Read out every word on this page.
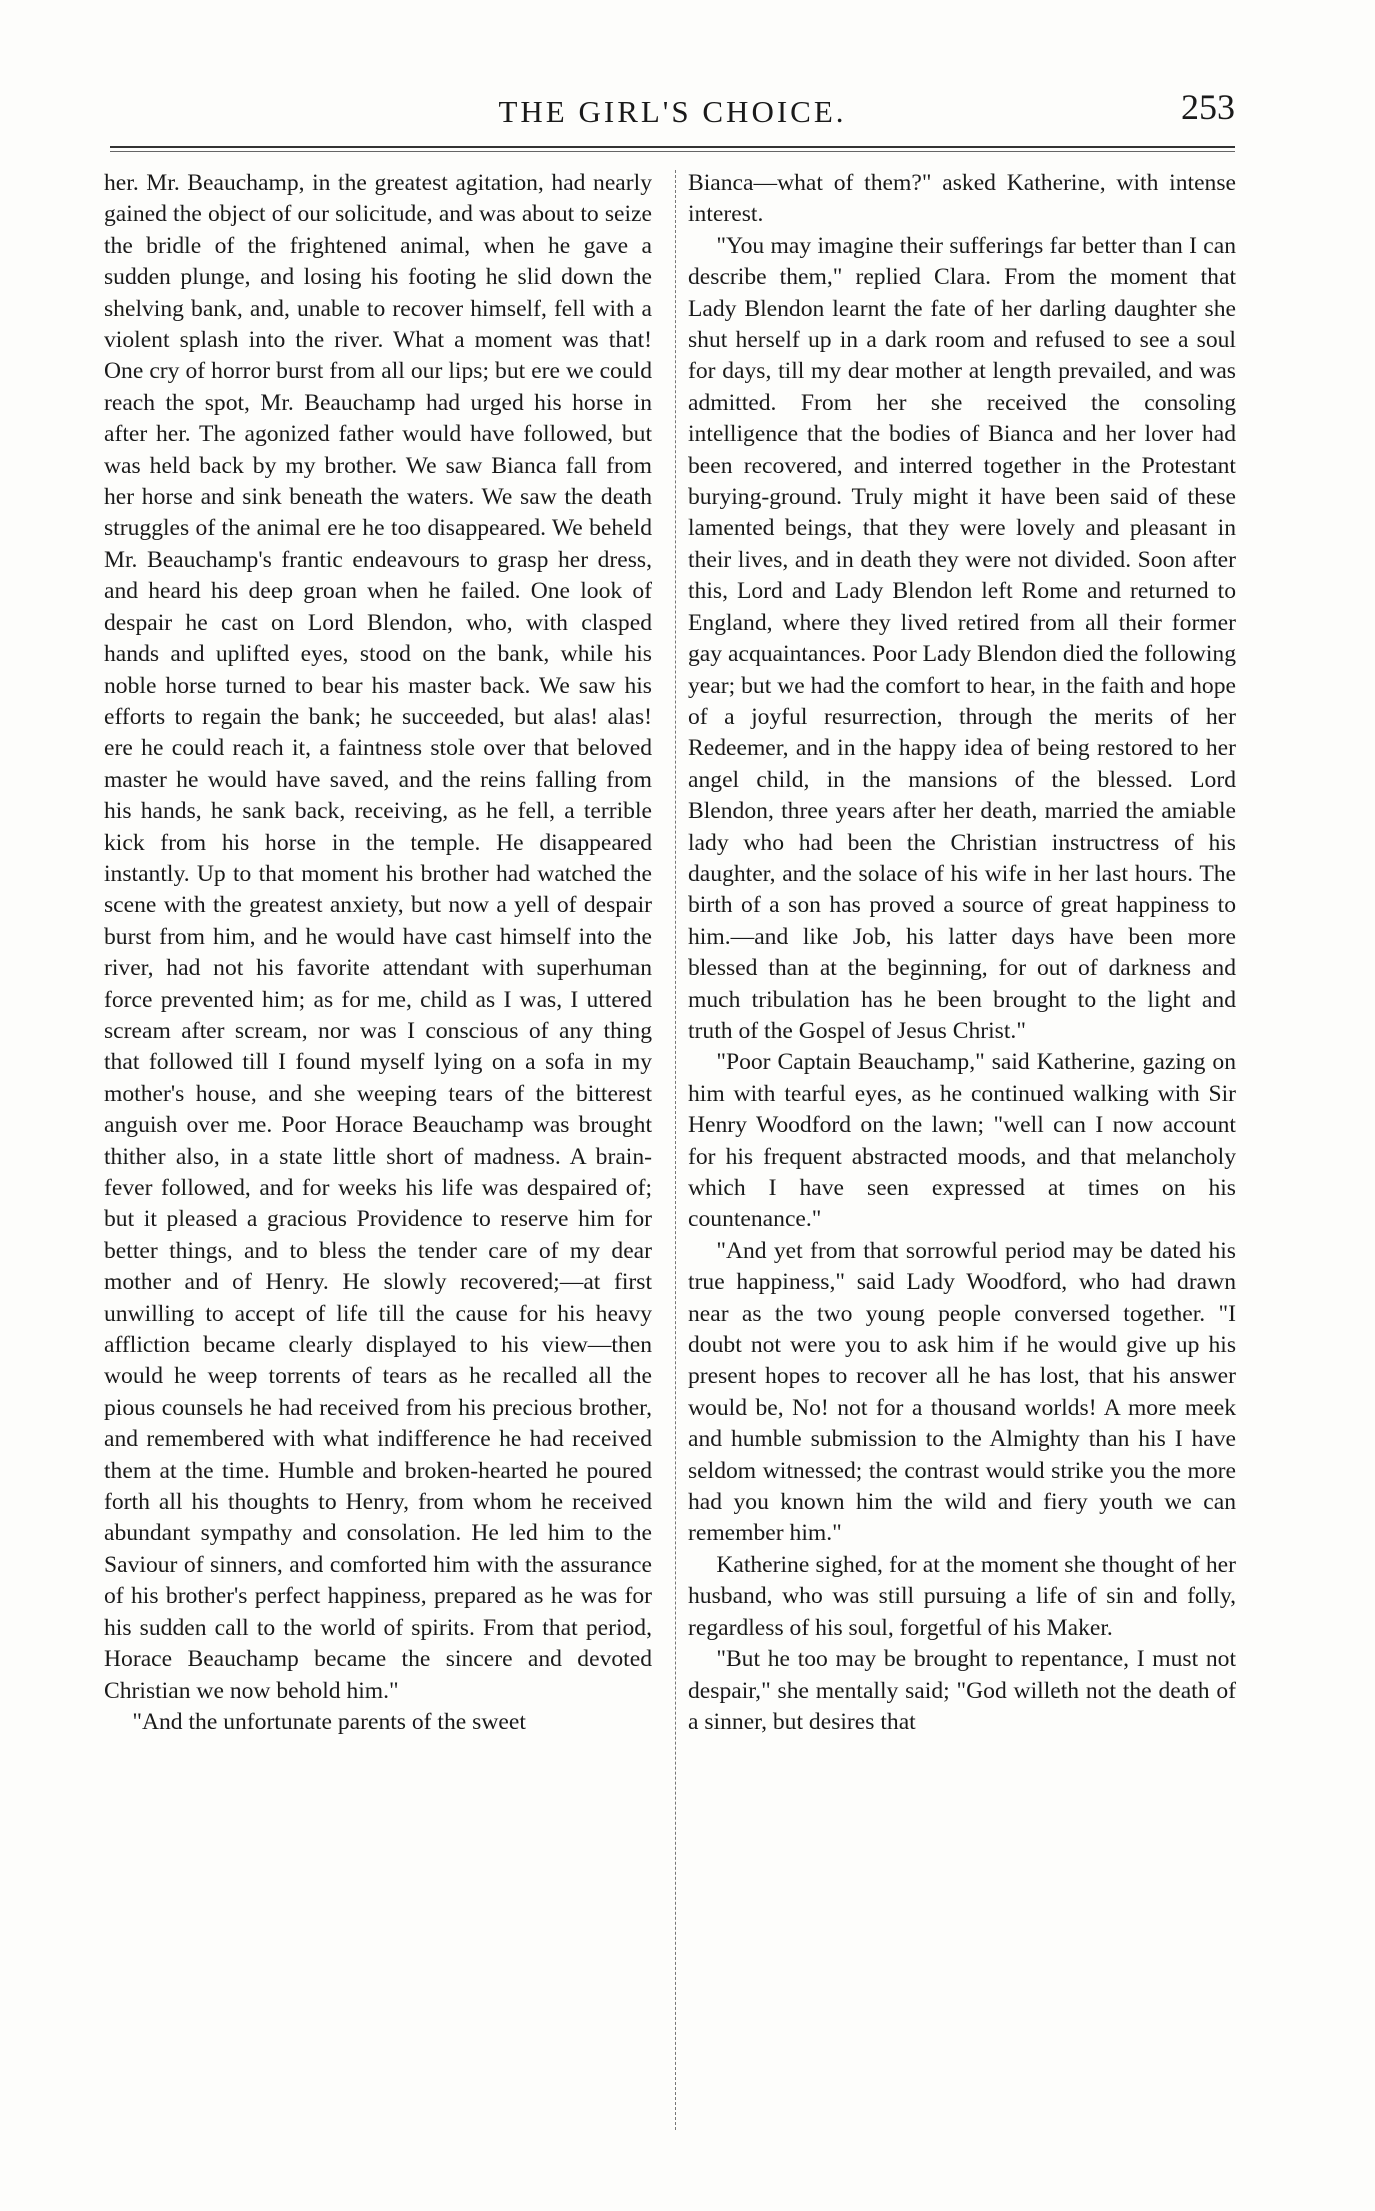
THE GIRL'S CHOICE.	253

her. Mr. Beauchamp, in the greatest agitation, had nearly gained the object of our solicitude, and was about to seize the bridle of the frightened animal, when he gave a sudden plunge, and losing his footing he slid down the shelving bank, and, unable to recover himself, fell with a violent splash into the river. What a moment was that! One cry of horror burst from all our lips; but ere we could reach the spot, Mr. Beauchamp had urged his horse in after her. The agonized father would have followed, but was held back by my brother. We saw Bianca fall from her horse and sink beneath the waters. We saw the death struggles of the animal ere he too disappeared. We beheld Mr. Beauchamp's frantic endeavours to grasp her dress, and heard his deep groan when he failed. One look of despair he cast on Lord Blendon, who, with clasped hands and uplifted eyes, stood on the bank, while his noble horse turned to bear his master back. We saw his efforts to regain the bank; he succeeded, but alas! alas! ere he could reach it, a faintness stole over that beloved master he would have saved, and the reins falling from his hands, he sank back, receiving, as he fell, a terrible kick from his horse in the temple. He disappeared instantly. Up to that moment his brother had watched the scene with the greatest anxiety, but now a yell of despair burst from him, and he would have cast himself into the river, had not his favorite attendant with superhuman force prevented him; as for me, child as I was, I uttered scream after scream, nor was I conscious of any thing that followed till I found myself lying on a sofa in my mother's house, and she weeping tears of the bitterest anguish over me. Poor Horace Beauchamp was brought thither also, in a state little short of madness. A brain-fever followed, and for weeks his life was despaired of; but it pleased a gracious Providence to reserve him for better things, and to bless the tender care of my dear mother and of Henry. He slowly recovered;—at first unwilling to accept of life till the cause for his heavy affliction became clearly displayed to his view—then would he weep torrents of tears as he recalled all the pious counsels he had received from his precious brother, and remembered with what indifference he had received them at the time. Humble and broken-hearted he poured forth all his thoughts to Henry, from whom he received abundant sympathy and consolation. He led him to the Saviour of sinners, and comforted him with the assurance of his brother's perfect happiness, prepared as he was for his sudden call to the world of spirits. From that period, Horace Beauchamp became the sincere and devoted Christian we now behold him."

"And the unfortunate parents of the sweet

Bianca—what of them?" asked Katherine, with intense interest.

"You may imagine their sufferings far better than I can describe them," replied Clara. From the moment that Lady Blendon learnt the fate of her darling daughter she shut herself up in a dark room and refused to see a soul for days, till my dear mother at length prevailed, and was admitted. From her she received the consoling intelligence that the bodies of Bianca and her lover had been recovered, and interred together in the Protestant burying-ground. Truly might it have been said of these lamented beings, that they were lovely and pleasant in their lives, and in death they were not divided. Soon after this, Lord and Lady Blendon left Rome and returned to England, where they lived retired from all their former gay acquaintances. Poor Lady Blendon died the following year; but we had the comfort to hear, in the faith and hope of a joyful resurrection, through the merits of her Redeemer, and in the happy idea of being restored to her angel child, in the mansions of the blessed. Lord Blendon, three years after her death, married the amiable lady who had been the Christian instructress of his daughter, and the solace of his wife in her last hours. The birth of a son has proved a source of great happiness to him.—and like Job, his latter days have been more blessed than at the beginning, for out of darkness and much tribulation has he been brought to the light and truth of the Gospel of Jesus Christ."

"Poor Captain Beauchamp," said Katherine, gazing on him with tearful eyes, as he continued walking with Sir Henry Woodford on the lawn; "well can I now account for his frequent abstracted moods, and that melancholy which I have seen expressed at times on his countenance."

"And yet from that sorrowful period may be dated his true happiness," said Lady Woodford, who had drawn near as the two young people conversed together. "I doubt not were you to ask him if he would give up his present hopes to recover all he has lost, that his answer would be, No! not for a thousand worlds! A more meek and humble submission to the Almighty than his I have seldom witnessed; the contrast would strike you the more had you known him the wild and fiery youth we can remember him."

Katherine sighed, for at the moment she thought of her husband, who was still pursuing a life of sin and folly, regardless of his soul, forgetful of his Maker.

"But he too may be brought to repentance, I must not despair," she mentally said; "God willeth not the death of a sinner, but desires that
